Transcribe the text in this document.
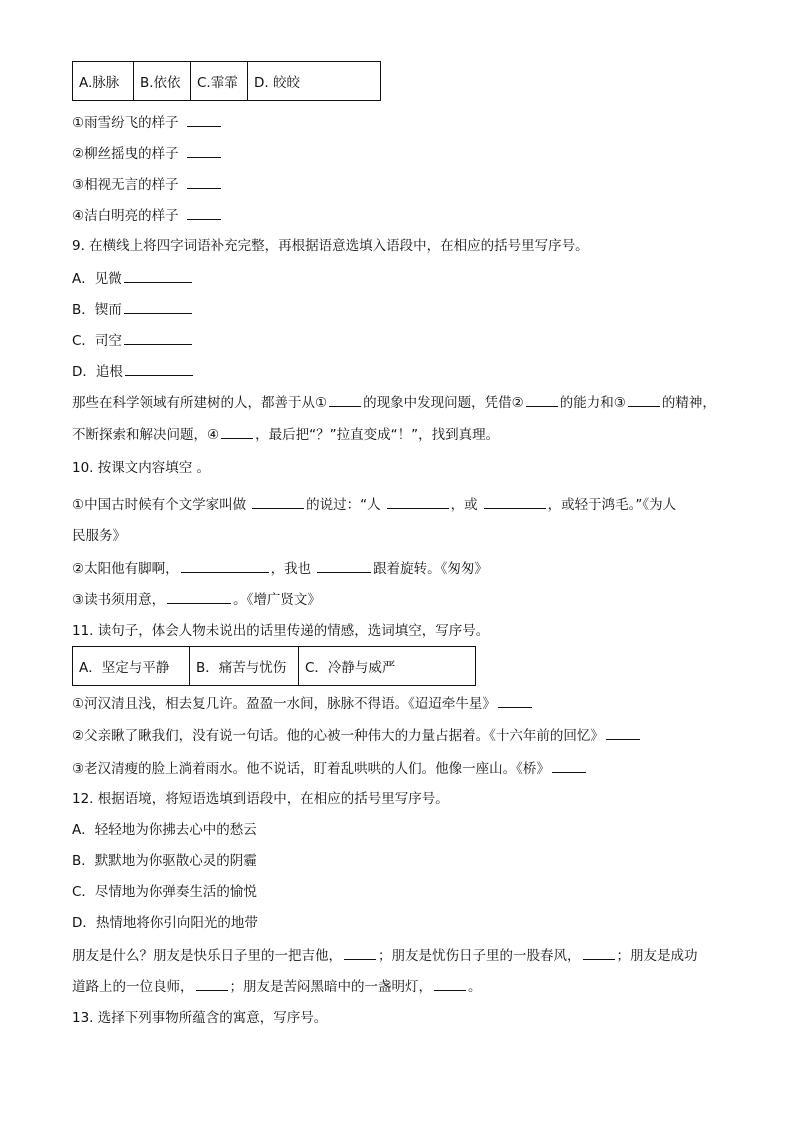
A.脉脉	B.依依	C.霏霏	D. 皎皎
①雨雪纷飞的样子
②柳丝摇曳的样子
③相视无言的样子
④洁白明亮的样子
9. 在横线上将四字词语补充完整，再根据语意选填入语段中，在相应的括号里写序号。
A．见微
B．锲而
C．司空
D．追根
那些在科学领域有所建树的人，都善于从①	的现象中发现问题，凭借②	的能力和③	的精神，
不断探索和解决问题，④	，最后把“？”拉直变成“！”，找到真理。
10. 按课文内容填空 。
①中国古时候有个文学家叫做	的说过：“人	，或	，或轻于鸿毛。”《为人
民服务》
②太阳他有脚啊，	，我也	跟着旋转。《匆匆》
③读书须用意，	。《增广贤文》
11. 读句子，体会人物未说出的话里传递的情感，选词填空，写序号。
A．坚定与平静	B．痛苦与忧伤	C．冷静与威严
①河汉清且浅，相去复几许。盈盈一水间，脉脉不得语。《迢迢牵牛星》
②父亲瞅了瞅我们，没有说一句话。他的心被一种伟大的力量占据着。《十六年前的回忆》
③老汉清瘦的脸上淌着雨水。他不说话，盯着乱哄哄的人们。他像一座山。《桥》
12. 根据语境，将短语选填到语段中，在相应的括号里写序号。
A．轻轻地为你拂去心中的愁云
B．默默地为你驱散心灵的阴霾
C．尽情地为你弹奏生活的愉悦
D．热情地将你引向阳光的地带
朋友是什么？朋友是快乐日子里的一把吉他，	；朋友是忧伤日子里的一股春风，	；朋友是成功
道路上的一位良师，	；朋友是苦闷黑暗中的一盏明灯，	。
13. 选择下列事物所蕴含的寓意，写序号。
